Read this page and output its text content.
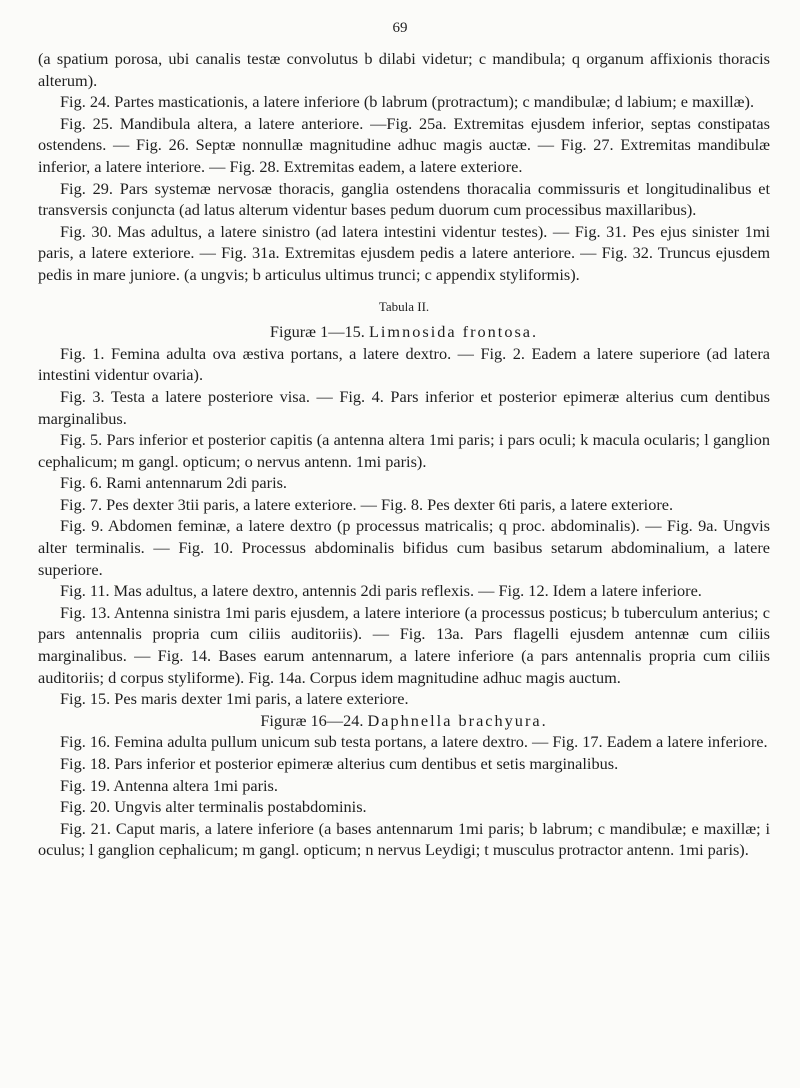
69

(a spatium porosa, ubi canalis testæ convolutus b dilabi videtur; c mandibula; q organum affixionis thoracis alterum).

Fig. 24. Partes masticationis, a latere inferiore (b labrum (protractum); c mandibulæ; d labium; e maxillæ).

Fig. 25. Mandibula altera, a latere anteriore. —Fig. 25a. Extremitas ejusdem inferior, septas constipatas ostendens. — Fig. 26. Septæ nonnullæ magnitudine adhuc magis auctæ. — Fig. 27. Extremitas mandibulæ inferior, a latere interiore. — Fig. 28. Extremitas eadem, a latere exteriore.

Fig. 29. Pars systemæ nervosæ thoracis, ganglia ostendens thoracalia commissuris et longitudinalibus et transversis conjuncta (ad latus alterum videntur bases pedum duorum cum processibus maxillaribus).

Fig. 30. Mas adultus, a latere sinistro (ad latera intestini videntur testes). — Fig. 31. Pes ejus sinister 1mi paris, a latere exteriore. — Fig. 31a. Extremitas ejusdem pedis a latere anteriore. — Fig. 32. Truncus ejusdem pedis in mare juniore. (a ungvis; b articulus ultimus trunci; c appendix styliformis).

Tabula II.

Figuræ 1—15. Limnosida frontosa.

Fig. 1. Femina adulta ova æstiva portans, a latere dextro. — Fig. 2. Eadem a latere superiore (ad latera intestini videntur ovaria).

Fig. 3. Testa a latere posteriore visa. — Fig. 4. Pars inferior et posterior epimeræ alterius cum dentibus marginalibus.

Fig. 5. Pars inferior et posterior capitis (a antenna altera 1mi paris; i pars oculi; k macula ocularis; l ganglion cephalicum; m gangl. opticum; o nervus antenn. 1mi paris).

Fig. 6. Rami antennarum 2di paris.

Fig. 7. Pes dexter 3tii paris, a latere exteriore. — Fig. 8. Pes dexter 6ti paris, a latere exteriore.

Fig. 9. Abdomen feminæ, a latere dextro (p processus matricalis; q proc. abdominalis). — Fig. 9a. Ungvis alter terminalis. — Fig. 10. Processus abdominalis bifidus cum basibus setarum abdominalium, a latere superiore.

Fig. 11. Mas adultus, a latere dextro, antennis 2di paris reflexis. — Fig. 12. Idem a latere inferiore.

Fig. 13. Antenna sinistra 1mi paris ejusdem, a latere interiore (a processus posticus; b tuberculum anterius; c pars antennalis propria cum ciliis auditoriis). — Fig. 13a. Pars flagelli ejusdem antennæ cum ciliis marginalibus. — Fig. 14. Bases earum antennarum, a latere inferiore (a pars antennalis propria cum ciliis auditoriis; d corpus styliforme). Fig. 14a. Corpus idem magnitudine adhuc magis auctum.

Fig. 15. Pes maris dexter 1mi paris, a latere exteriore.

Figuræ 16—24. Daphnella brachyura.

Fig. 16. Femina adulta pullum unicum sub testa portans, a latere dextro. — Fig. 17. Eadem a latere inferiore.

Fig. 18. Pars inferior et posterior epimeræ alterius cum dentibus et setis marginalibus.

Fig. 19. Antenna altera 1mi paris.

Fig. 20. Ungvis alter terminalis postabdominis.

Fig. 21. Caput maris, a latere inferiore (a bases antennarum 1mi paris; b labrum; c mandibulæ; e maxillæ; i oculus; l ganglion cephalicum; m gangl. opticum; n nervus Leydigi; t musculus protractor antenn. 1mi paris).
